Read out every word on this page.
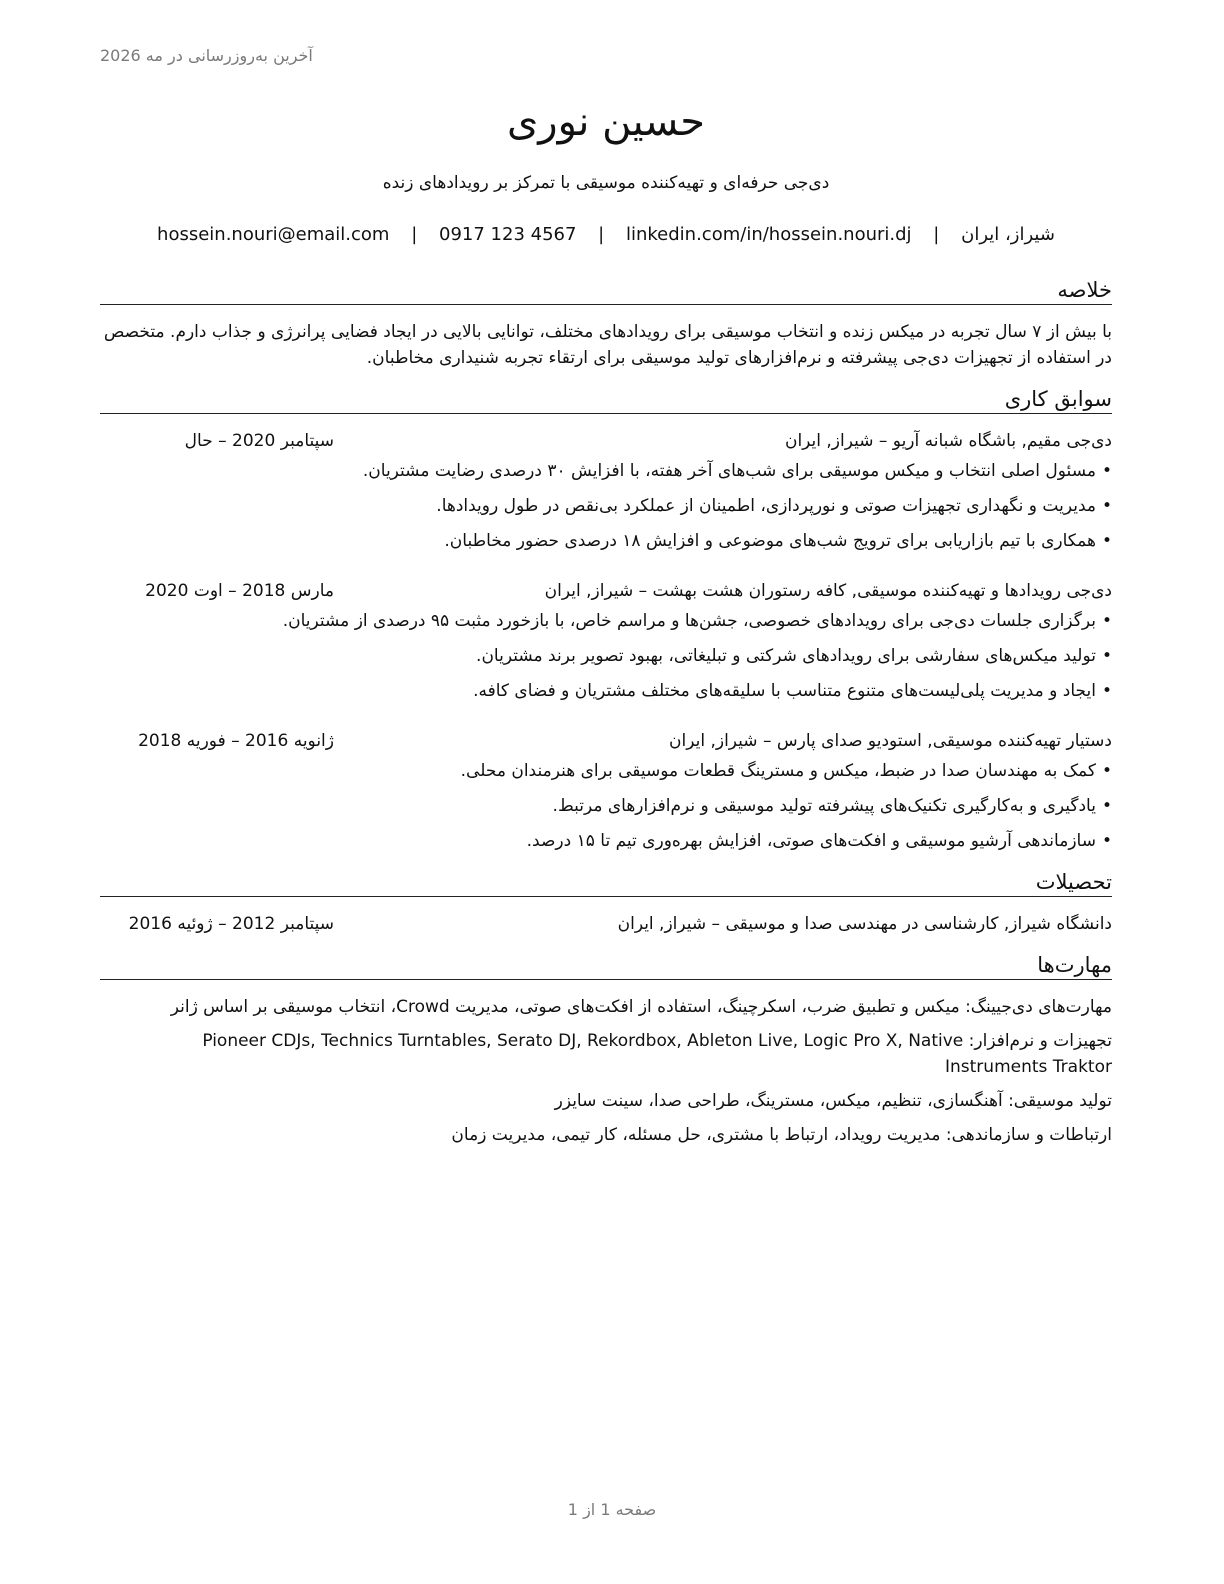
آخرین به‌روزرسانی در مه 2026
حسین نوری
دی‌جی حرفه‌ای و تهیه‌کننده موسیقی با تمرکز بر رویدادهای زنده
شیراز، ایران | hossein.nouri@email.com | 0917 123 4567 | linkedin.com/in/hossein.nouri.dj
خلاصه
با بیش از ۷ سال تجربه در میکس زنده و انتخاب موسیقی برای رویدادهای مختلف، توانایی بالایی در ایجاد فضایی پرانرژی و جذاب دارم. متخصص در استفاده از تجهیزات دی‌جی پیشرفته و نرم‌افزارهای تولید موسیقی برای ارتقاء تجربه شنیداری مخاطبان.
سوابق کاری
دی‌جی مقیم, باشگاه شبانه آریو – شیراز, ایران
سپتامبر 2020 – حال
• مسئول اصلی انتخاب و میکس موسیقی برای شب‌های آخر هفته، با افزایش ۳۰ درصدی رضایت مشتریان.
• مدیریت و نگهداری تجهیزات صوتی و نورپردازی، اطمینان از عملکرد بی‌نقص در طول رویدادها.
• همکاری با تیم بازاریابی برای ترویج شب‌های موضوعی و افزایش ۱۸ درصدی حضور مخاطبان.
دی‌جی رویدادها و تهیه‌کننده موسیقی, کافه رستوران هشت بهشت – شیراز, ایران
مارس 2018 – اوت 2020
• برگزاری جلسات دی‌جی برای رویدادهای خصوصی، جشن‌ها و مراسم خاص، با بازخورد مثبت ۹۵ درصدی از مشتریان.
• تولید میکس‌های سفارشی برای رویدادهای شرکتی و تبلیغاتی، بهبود تصویر برند مشتریان.
• ایجاد و مدیریت پلی‌لیست‌های متنوع متناسب با سلیقه‌های مختلف مشتریان و فضای کافه.
دستیار تهیه‌کننده موسیقی, استودیو صدای پارس – شیراز, ایران
ژانویه 2016 – فوریه 2018
• کمک به مهندسان صدا در ضبط، میکس و مسترینگ قطعات موسیقی برای هنرمندان محلی.
• یادگیری و به‌کارگیری تکنیک‌های پیشرفته تولید موسیقی و نرم‌افزارهای مرتبط.
• سازماندهی آرشیو موسیقی و افکت‌های صوتی، افزایش بهره‌وری تیم تا ۱۵ درصد.
تحصیلات
دانشگاه شیراز, کارشناسی در مهندسی صدا و موسیقی – شیراز, ایران
سپتامبر 2012 – ژوئیه 2016
مهارت‌ها
مهارت‌های دی‌جیینگ: میکس و تطبیق ضرب، اسکرچینگ، استفاده از افکت‌های صوتی، مدیریت Crowd، انتخاب موسیقی بر اساس ژانر
تجهیزات و نرم‌افزار: Pioneer CDJs, Technics Turntables, Serato DJ, Rekordbox, Ableton Live, Logic Pro X, Native Instruments Traktor
تولید موسیقی: آهنگسازی، تنظیم، میکس، مسترینگ، طراحی صدا، سینت سایزر
ارتباطات و سازماندهی: مدیریت رویداد، ارتباط با مشتری، حل مسئله، کار تیمی، مدیریت زمان
صفحه 1 از 1
